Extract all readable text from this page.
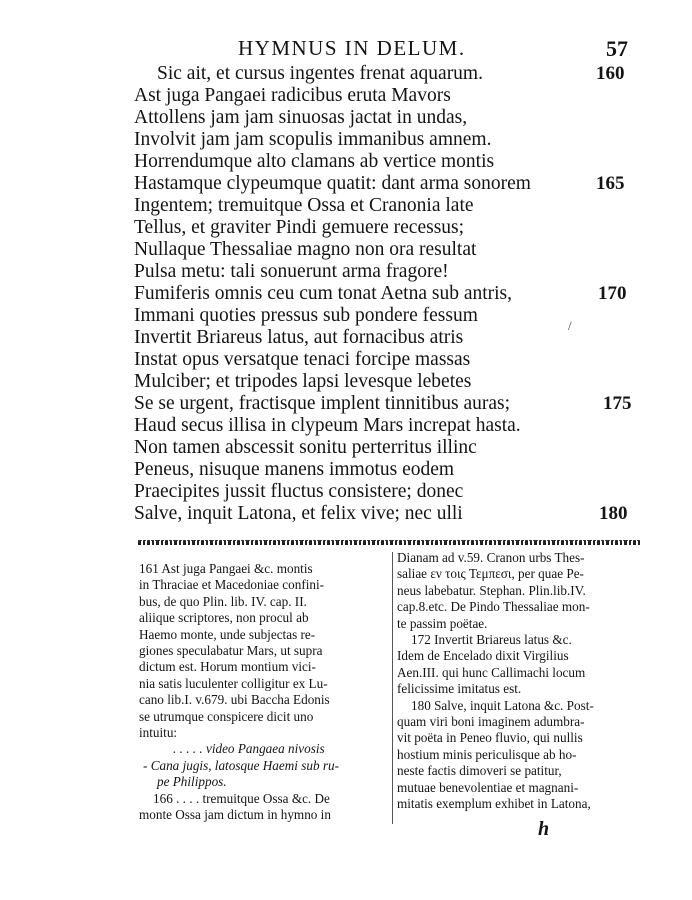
HYMNUS IN DELUM.	57
Sic ait, et cursus ingentes frenat aquarum.	160
Ast juga Pangaei radicibus eruta Mavors
Attollens jam jam sinuosas jactat in undas,
Involvit jam jam scopulis immanibus amnem.
Horrendumque alto clamans ab vertice montis
Hastamque clypeumque quatit: dant arma sonorem	165
Ingentem; tremuitque Ossa et Cranonia late
Tellus, et graviter Pindi gemuere recessus;
Nullaque Thessaliae magno non ora resultat
Pulsa metu: tali sonuerunt arma fragore!
Fumiferis omnis ceu cum tonat Aetna sub antris,	170
Immani quoties pressus sub pondere fessum
Invertit Briareus latus, aut fornacibus atris
Instat opus versatque tenaci forcipe massas
Mulciber; et tripodes lapsi levesque lebetes
Se se urgent, fractisque implent tinnitibus auras;	175
Haud secus illisa in clypeum Mars increpat hasta.
Non tamen abscessit sonitu perterritus illinc
Peneus, nisuque manens immotus eodem
Praecipites jussit fluctus consistere; donec
Salve, inquit Latona, et felix vive; nec ulli	180
/
161 Ast juga Pangaei &c. montis
in Thraciae et Macedoniae confini-
bus, de quo Plin. lib. IV. cap. II.
aliique scriptores, non procul ab
Haemo monte, unde subjectas re-
giones speculabatur Mars, ut supra
dictum est. Horum montium vici-
nia satis luculenter colligitur ex Lu-
cano lib.I. v.679. ubi Baccha Edonis
se utrumque conspicere dicit uno
intuitu:
. . . . . video Pangaea nivosis
- Cana jugis, latosque Haemi sub ru-
pe Philippos.
166 . . . . tremuitque Ossa &c. De
monte Ossa jam dictum in hymno in
Dianam ad v.59. Cranon urbs Thes-
saliae εν τοις Τεμπεσι, per quae Pe-
neus labebatur. Stephan. Plin.lib.IV.
cap.8.etc. De Pindo Thessaliae mon-
te passim poëtae.
172 Invertit Briareus latus &c.
Idem de Encelado dixit Virgilius
Aen.III. qui hunc Callimachi locum
felicissime imitatus est.
180 Salve, inquit Latona &c. Post-
quam viri boni imaginem adumbra-
vit poëta in Peneo fluvio, qui nullis
hostium minis periculisque ab ho-
neste factis dimoveri se patitur,
mutuae benevolentiae et magnani-
mitatis exemplum exhibet in Latona,
h
